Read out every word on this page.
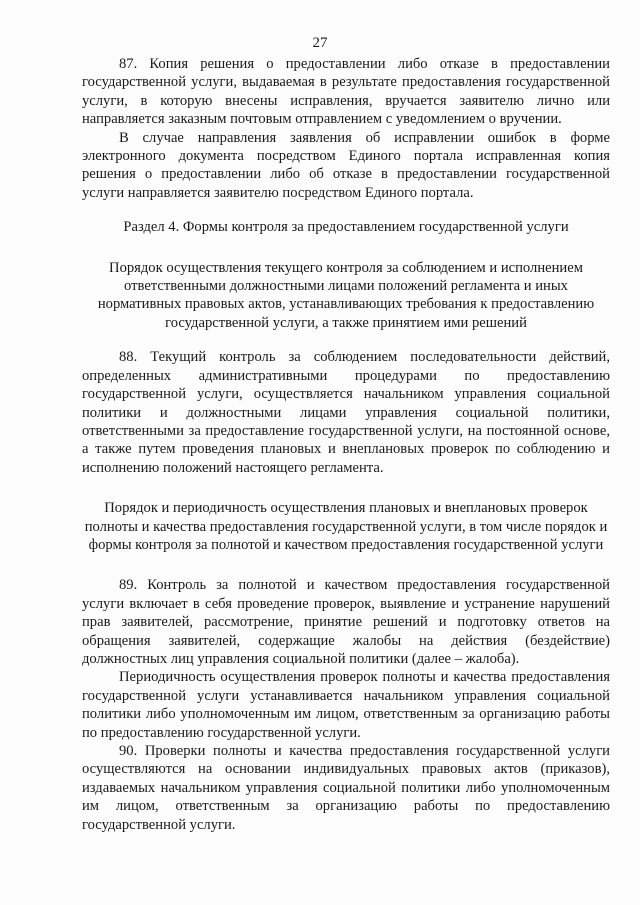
27

87. Копия решения о предоставлении либо отказе в предоставлении государственной услуги, выдаваемая в результате предоставления государственной услуги, в которую внесены исправления, вручается заявителю лично или направляется заказным почтовым отправлением с уведомлением о вручении.

В случае направления заявления об исправлении ошибок в форме электронного документа посредством Единого портала исправленная копия решения о предоставлении либо об отказе в предоставлении государственной услуги направляется заявителю посредством Единого портала.

Раздел 4. Формы контроля за предоставлением государственной услуги

Порядок осуществления текущего контроля за соблюдением и исполнением ответственными должностными лицами положений регламента и иных нормативных правовых актов, устанавливающих требования к предоставлению государственной услуги, а также принятием ими решений

88. Текущий контроль за соблюдением последовательности действий, определенных административными процедурами по предоставлению государственной услуги, осуществляется начальником управления социальной политики и должностными лицами управления социальной политики, ответственными за предоставление государственной услуги, на постоянной основе, а также путем проведения плановых и внеплановых проверок по соблюдению и исполнению положений настоящего регламента.

Порядок и периодичность осуществления плановых и внеплановых проверок полноты и качества предоставления государственной услуги, в том числе порядок и формы контроля за полнотой и качеством предоставления государственной услуги

89. Контроль за полнотой и качеством предоставления государственной услуги включает в себя проведение проверок, выявление и устранение нарушений прав заявителей, рассмотрение, принятие решений и подготовку ответов на обращения заявителей, содержащие жалобы на действия (бездействие) должностных лиц управления социальной политики (далее – жалоба).

Периодичность осуществления проверок полноты и качества предоставления государственной услуги устанавливается начальником управления социальной политики либо уполномоченным им лицом, ответственным за организацию работы по предоставлению государственной услуги.

90. Проверки полноты и качества предоставления государственной услуги осуществляются на основании индивидуальных правовых актов (приказов), издаваемых начальником управления социальной политики либо уполномоченным им лицом, ответственным за организацию работы по предоставлению государственной услуги.
